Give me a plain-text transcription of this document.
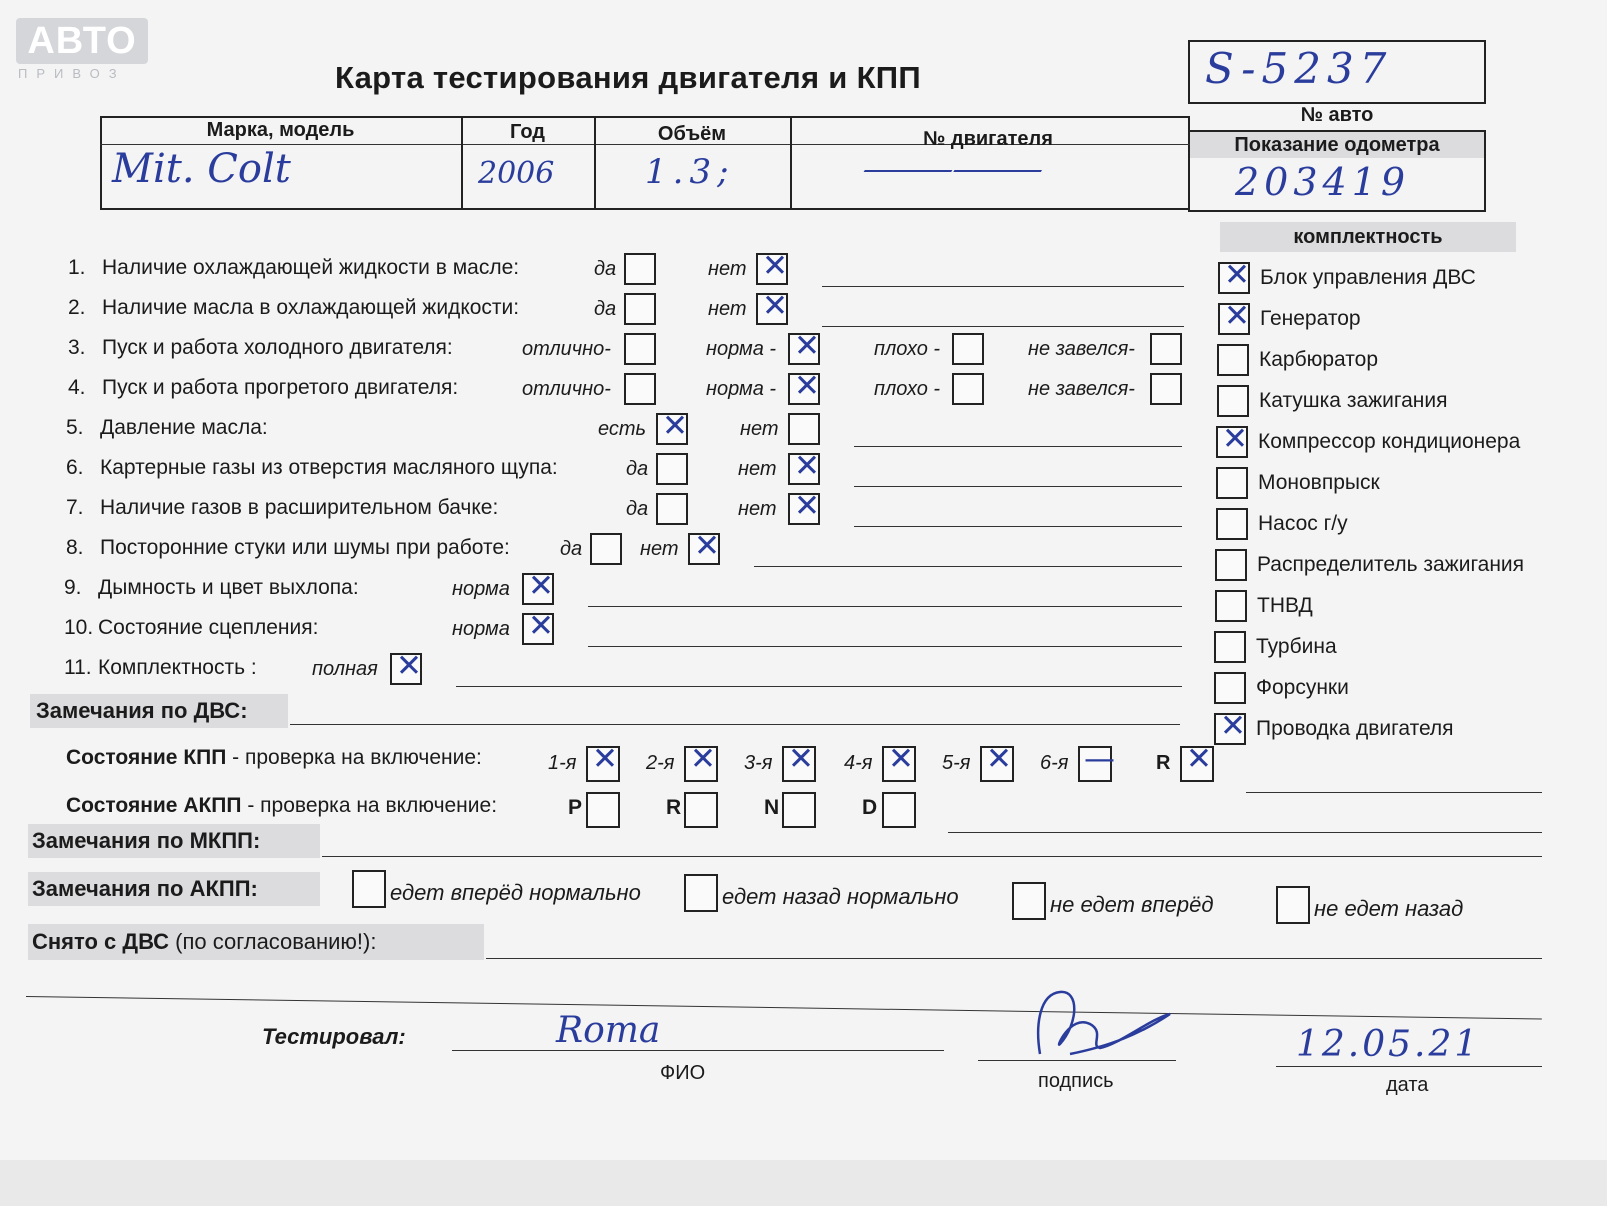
АВТО
ПРИВОЗ	Карта тестирования двигателя и КПП	S-5237
№ авто
Показание одометра
203419
Марка, модель	Год	Объём	№ двигателя
Mit. Colt	2006	1.3;	——
1. Наличие охлаждающей жидкости в масле:	да	нет ✕
2. Наличие масла в охлаждающей жидкости:	да	нет ✕
3. Пуск и работа холодного двигателя:	отлично-	норма - ✕	плохо -	не завелся-
4. Пуск и работа прогретого двигателя:	отлично-	норма - ✕	плохо -	не завелся-
5. Давление масла:	есть ✕	нет
6. Картерные газы из отверстия масляного щупа:	да	нет ✕
7. Наличие газов в расширительном бачке:	да	нет ✕
8. Посторонние стуки или шумы при работе:	да	нет ✕
9. Дымность и цвет выхлопа:	норма ✕
10. Состояние сцепления:	норма ✕
11. Комплектность :	полная ✕
комплектность
✕ Блок управления ДВС
✕ Генератор
Карбюратор
Катушка зажигания
✕ Компрессор кондиционера
Моновпрыск
Насос г/у
Распределитель зажигания
ТНВД
Турбина
Форсунки
✕ Проводка двигателя
Замечания по ДВС:
Состояние КПП - проверка на включение:	1-я ✕ 2-я ✕ 3-я ✕ 4-я ✕ 5-я ✕ 6-я — R ✕
Состояние АКПП - проверка на включение:	P	R	N	D
Замечания по МКПП:
Замечания по АКПП:	едет вперёд нормально	едет назад нормально	не едет вперёд	не едет назад
Снято с ДВС (по согласованию!):
Тестировал:	Roma
ФИО	подпись
12.05.21
дата
